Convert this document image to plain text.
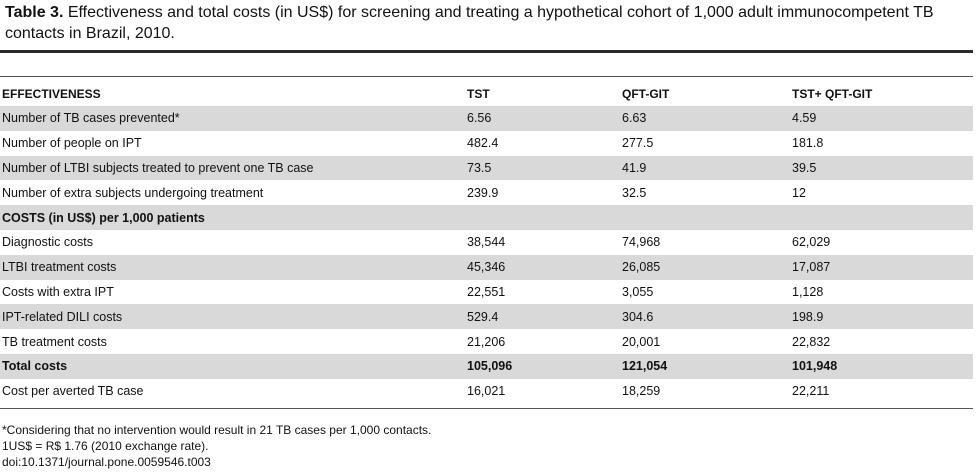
Table 3. Effectiveness and total costs (in US$) for screening and treating a hypothetical cohort of 1,000 adult immunocompetent TB contacts in Brazil, 2010.
EFFECTIVENESS	TST	QFT-GIT	TST+ QFT-GIT
Number of TB cases prevented*	6.56	6.63	4.59
Number of people on IPT	482.4	277.5	181.8
Number of LTBI subjects treated to prevent one TB case	73.5	41.9	39.5
Number of extra subjects undergoing treatment	239.9	32.5	12
COSTS (in US$) per 1,000 patients			
Diagnostic costs	38,544	74,968	62,029
LTBI treatment costs	45,346	26,085	17,087
Costs with extra IPT	22,551	3,055	1,128
IPT-related DILI costs	529.4	304.6	198.9
TB treatment costs	21,206	20,001	22,832
Total costs	105,096	121,054	101,948
Cost per averted TB case	16,021	18,259	22,211
*Considering that no intervention would result in 21 TB cases per 1,000 contacts.
1US$ = R$ 1.76 (2010 exchange rate).
doi:10.1371/journal.pone.0059546.t003
